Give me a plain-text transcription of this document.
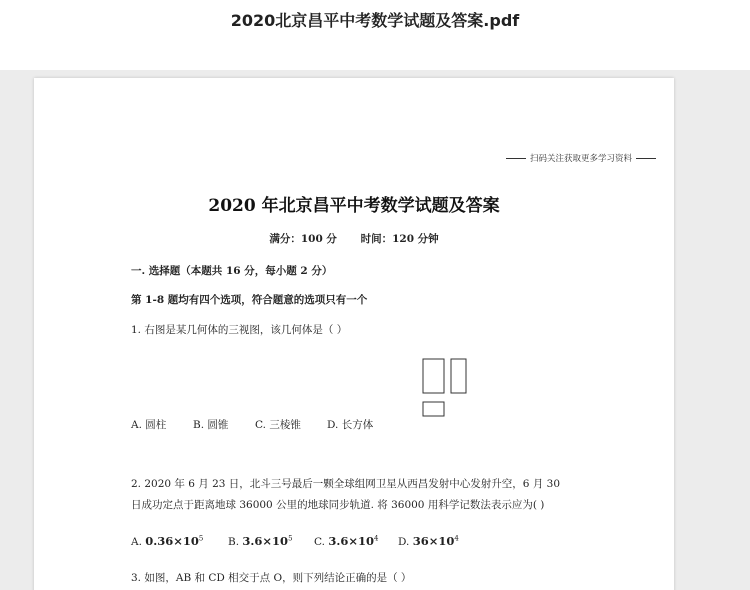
2020北京昌平中考数学试题及答案.pdf
扫码关注获取更多学习资料
2020 年北京昌平中考数学试题及答案
满分：100 分 时间：120 分钟
一. 选择题（本题共 16 分，每小题 2 分）
第 1-8 题均有四个选项，符合题意的选项只有一个
1. 右图是某几何体的三视图，该几何体是（ ）
A. 圆柱	B. 圆锥	C. 三棱锥	D. 长方体
2. 2020 年 6 月 23 日，北斗三号最后一颗全球组网卫星从西昌发射中心发射升空，6 月 30
日成功定点于距离地球 36000 公里的地球同步轨道. 将 36000 用科学记数法表示应为( )
A. $0.36\times 10^5$	B. $3.6\times 10^5$	C. $3.6\times 10^4$	D. $36\times 10^4$
3. 如图，AB 和 CD 相交于点 O，则下列结论正确的是（ ）
